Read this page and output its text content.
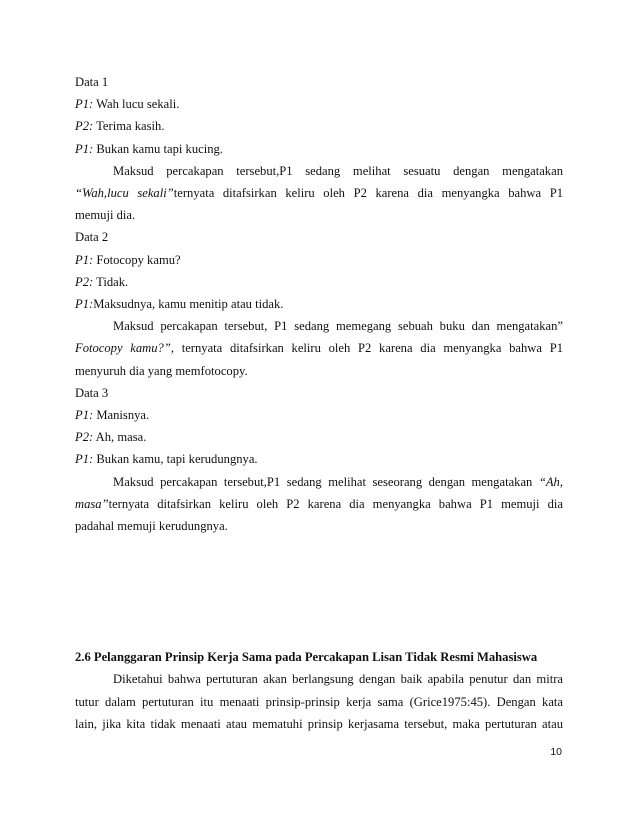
Data 1
P1: Wah lucu sekali.
P2: Terima kasih.
P1: Bukan kamu tapi kucing.
Maksud percakapan tersebut,P1 sedang melihat sesuatu dengan mengatakan
“Wah,lucu sekali”ternyata ditafsirkan keliru oleh P2 karena dia menyangka bahwa P1
memuji dia.
Data 2
P1: Fotocopy kamu?
P2: Tidak.
P1:Maksudnya, kamu menitip atau tidak.
Maksud percakapan tersebut, P1 sedang memegang sebuah buku dan mengatakan”
Fotocopy kamu?”, ternyata ditafsirkan keliru oleh P2 karena dia menyangka bahwa P1
menyuruh dia yang memfotocopy.
Data 3
P1: Manisnya.
P2: Ah, masa.
P1: Bukan kamu, tapi kerudungnya.
Maksud percakapan tersebut,P1 sedang melihat seseorang dengan mengatakan “Ah,
masa”ternyata ditafsirkan keliru oleh P2 karena dia menyangka bahwa P1 memuji dia
padahal memuji kerudungnya.
2.6 Pelanggaran Prinsip Kerja Sama pada Percakapan Lisan Tidak Resmi Mahasiswa
Diketahui bahwa pertuturan akan berlangsung dengan baik apabila penutur dan mitra
tutur dalam pertuturan itu menaati prinsip-prinsip kerja sama (Grice1975:45). Dengan kata
lain, jika kita tidak menaati atau mematuhi prinsip kerjasama tersebut, maka pertuturan atau
10
